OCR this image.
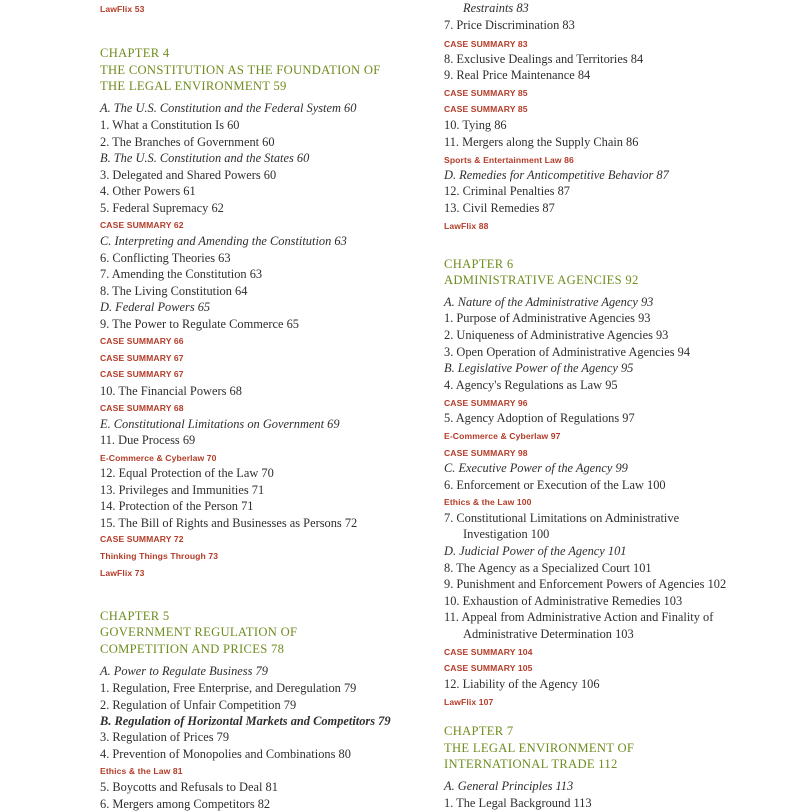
LawFlix 53
CHAPTER 4
THE CONSTITUTION AS THE FOUNDATION OF
THE LEGAL ENVIRONMENT 59
A. The U.S. Constitution and the Federal System 60
1. What a Constitution Is 60
2. The Branches of Government 60
B. The U.S. Constitution and the States 60
3. Delegated and Shared Powers 60
4. Other Powers 61
5. Federal Supremacy 62
CASE SUMMARY 62
C. Interpreting and Amending the Constitution 63
6. Conflicting Theories 63
7. Amending the Constitution 63
8. The Living Constitution 64
D. Federal Powers 65
9. The Power to Regulate Commerce 65
CASE SUMMARY 66
CASE SUMMARY 67
CASE SUMMARY 67
10. The Financial Powers 68
CASE SUMMARY 68
E. Constitutional Limitations on Government 69
11. Due Process 69
E-Commerce & Cyberlaw 70
12. Equal Protection of the Law 70
13. Privileges and Immunities 71
14. Protection of the Person 71
15. The Bill of Rights and Businesses as Persons 72
CASE SUMMARY 72
Thinking Things Through 73
LawFlix 73
CHAPTER 5
GOVERNMENT REGULATION OF
COMPETITION AND PRICES 78
A. Power to Regulate Business 79
1. Regulation, Free Enterprise, and Deregulation 79
2. Regulation of Unfair Competition 79
B. Regulation of Horizontal Markets and Competitors 79
3. Regulation of Prices 79
4. Prevention of Monopolies and Combinations 80
Ethics & the Law 81
5. Boycotts and Refusals to Deal 81
6. Mergers among Competitors 82
Restraints 83
7. Price Discrimination 83
CASE SUMMARY 83
8. Exclusive Dealings and Territories 84
9. Real Price Maintenance 84
CASE SUMMARY 85
CASE SUMMARY 85
10. Tying 86
11. Mergers along the Supply Chain 86
Sports & Entertainment Law 86
D. Remedies for Anticompetitive Behavior 87
12. Criminal Penalties 87
13. Civil Remedies 87
LawFlix 88
CHAPTER 6
ADMINISTRATIVE AGENCIES 92
A. Nature of the Administrative Agency 93
1. Purpose of Administrative Agencies 93
2. Uniqueness of Administrative Agencies 93
3. Open Operation of Administrative Agencies 94
B. Legislative Power of the Agency 95
4. Agency's Regulations as Law 95
CASE SUMMARY 96
5. Agency Adoption of Regulations 97
E-Commerce & Cyberlaw 97
CASE SUMMARY 98
C. Executive Power of the Agency 99
6. Enforcement or Execution of the Law 100
Ethics & the Law 100
7. Constitutional Limitations on Administrative
Investigation 100
D. Judicial Power of the Agency 101
8. The Agency as a Specialized Court 101
9. Punishment and Enforcement Powers of Agencies 102
10. Exhaustion of Administrative Remedies 103
11. Appeal from Administrative Action and Finality of
Administrative Determination 103
CASE SUMMARY 104
CASE SUMMARY 105
12. Liability of the Agency 106
LawFlix 107
CHAPTER 7
THE LEGAL ENVIRONMENT OF
INTERNATIONAL TRADE 112
A. General Principles 113
1. The Legal Background 113
